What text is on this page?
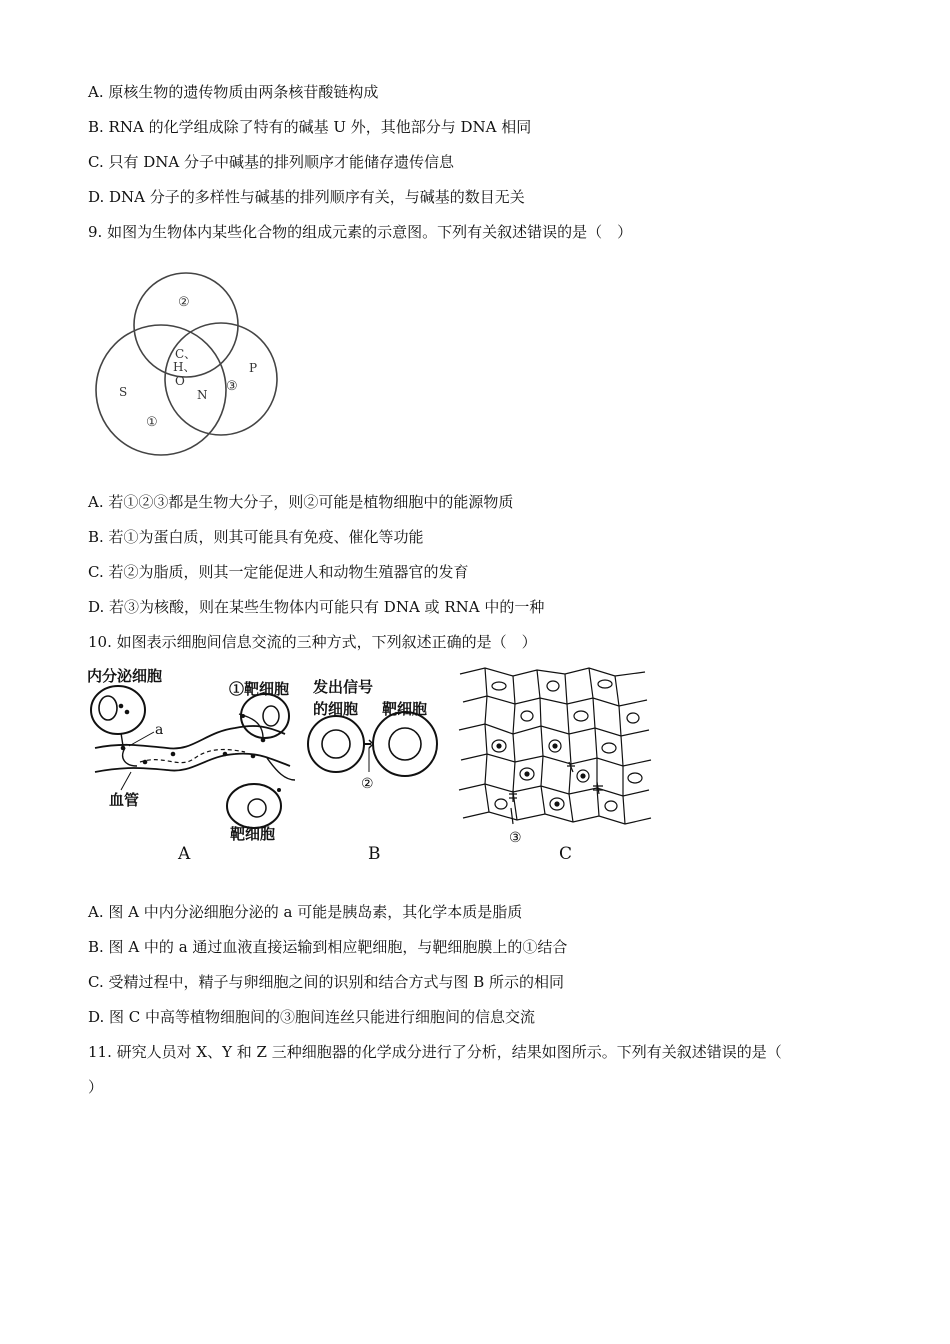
A. 原核生物的遗传物质由两条核苷酸链构成
B. RNA 的化学组成除了特有的碱基 U 外，其他部分与 DNA 相同
C. 只有 DNA 分子中碱基的排列顺序才能储存遗传信息
D. DNA 分子的多样性与碱基的排列顺序有关，与碱基的数目无关
9. 如图为生物体内某些化合物的组成元素的示意图。下列有关叙述错误的是（　）
②
C、
H、
O
N
S
P
③
①
A. 若①②③都是生物大分子，则②可能是植物细胞中的能源物质
B. 若①为蛋白质，则其可能具有免疫、催化等功能
C. 若②为脂质，则其一定能促进人和动物生殖器官的发育
D. 若③为核酸，则在某些生物体内可能只有 DNA 或 RNA 中的一种
10. 如图表示细胞间信息交流的三种方式，下列叙述正确的是（　）
内分泌细胞
a
血管
①靶细胞
靶细胞
A
发出信号
的细胞 靶细胞
②
B
③
C
A. 图 A 中内分泌细胞分泌的 a 可能是胰岛素，其化学本质是脂质
B. 图 A 中的 a 通过血液直接运输到相应靶细胞，与靶细胞膜上的①结合
C. 受精过程中，精子与卵细胞之间的识别和结合方式与图 B 所示的相同
D. 图 C 中高等植物细胞间的③胞间连丝只能进行细胞间的信息交流
11. 研究人员对 X、Y 和 Z 三种细胞器的化学成分进行了分析，结果如图所示。下列有关叙述错误的是（
）
